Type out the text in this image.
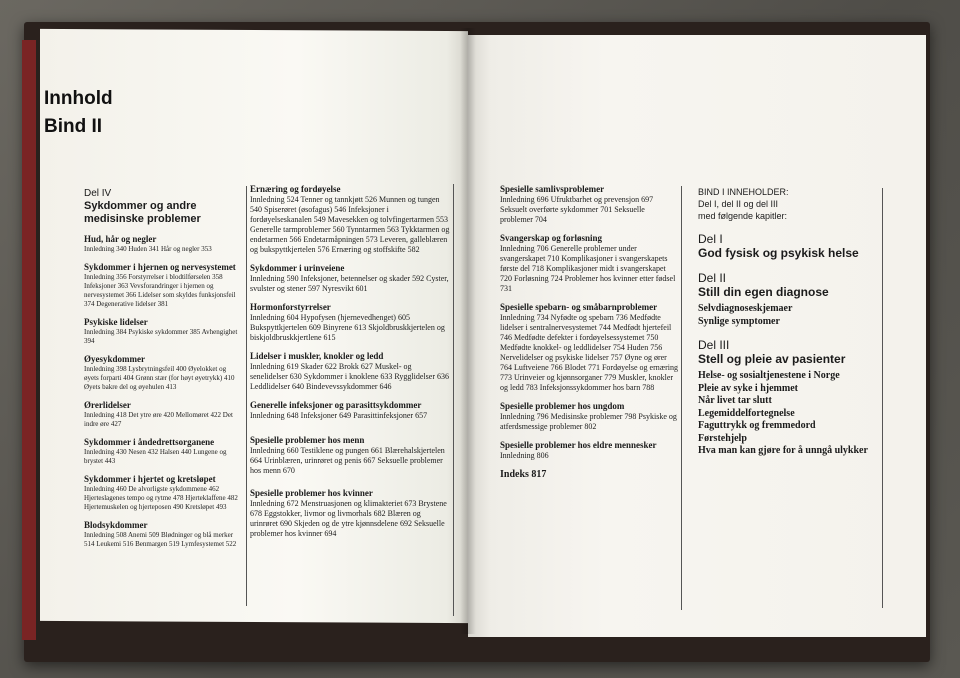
Innhold
Bind II
Del IV
Sykdommer og andre
medisinske problemer
Hud, hår og negler
Innledning 340 Huden 341 Hår og negler 353
Sykdommer i hjernen og nervesystemet
Innledning 356 Forstyrrelser i blodtilførselen 358 Infeksjoner 363 Vevsforandringer i hjernen og nervesystemet 366 Lidelser som skyldes funksjonsfeil 374 Degenerative lidelser 381
Psykiske lidelser
Innledning 384 Psykiske sykdommer 385 Avhengighet 394
Øyesykdommer
Innledning 398 Lysbrytningsfeil 400 Øyelokket og øyets forparti 404 Grønn stær (for høyt øyetrykk) 410 Øyets bakre del og øyehulen 413
Ørerlidelser
Innledning 418 Det ytre øre 420 Mellomøret 422 Det indre øre 427
Sykdommer i åndedrettsorganene
Innledning 430 Nesen 432 Halsen 440 Lungene og brystet 443
Sykdommer i hjertet og kretsløpet
Innledning 460 De alvorligste sykdommene 462 Hjerteslagenes tempo og rytme 478 Hjerteklaffene 482 Hjertemuskelen og hjerteposen 490 Kretsløpet 493
Blodsykdommer
Innledning 508 Anemi 509 Blødninger og blå merker 514 Leukemi 516 Benmargen 519 Lymfesystemet 522
Ernæring og fordøyelse
Innledning 524 Tenner og tannkjøtt 526 Munnen og tungen 540 Spiserøret (øsofagus) 546 Infeksjoner i fordøyelseskanalen 549 Mavesekken og tolvfingertarmen 553 Generelle tarmproblemer 560 Tynntarmen 563 Tykktarmen og endetarmen 566 Endetarmåpningen 573 Leveren, galleblæren og bukspyttkjertelen 576 Ernæring og stoffskifte 582
Sykdommer i urinveiene
Innledning 590 Infeksjoner, betennelser og skader 592 Cyster, svulster og stener 597 Nyresvikt 601
Hormonforstyrrelser
Innledning 604 Hypofysen (hjernevedhenget) 605 Bukspyttkjertelen 609 Binyrene 613 Skjoldbruskkjertelen og biskjoldbruskkjertlene 615
Lidelser i muskler, knokler og ledd
Innledning 619 Skader 622 Brokk 627 Muskel- og senelidelser 630 Sykdommer i knoklene 633 Rygglidelser 636 Leddlidelser 640 Bindevevssykdommer 646
Generelle infeksjoner og parasittsykdommer
Innledning 648 Infeksjoner 649 Parasittinfeksjoner 657
Spesielle problemer hos menn
Innledning 660 Testiklene og pungen 661 Blærehalskjertelen 664 Urinblæren, urinrøret og penis 667 Seksuelle problemer hos menn 670
Spesielle problemer hos kvinner
Innledning 672 Menstruasjonen og klimakteriet 673 Brystene 678 Eggstokker, livmor og livmorhals 682 Blæren og urinrøret 690 Skjeden og de ytre kjønnsdelene 692 Seksuelle problemer hos kvinner 694
Spesielle samlivsproblemer
Innledning 696 Ufruktbarhet og prevensjon 697 Seksuelt overførte sykdommer 701 Seksuelle problemer 704
Svangerskap og forløsning
Innledning 706 Generelle problemer under svangerskapet 710 Komplikasjoner i svangerskapets første del 718 Komplikasjoner midt i svangerskapet 720 Forløsning 724 Problemer hos kvinner etter fødsel 731
Spesielle spebarn- og småbarnproblemer
Innledning 734 Nyfødte og spebarn 736 Medfødte lidelser i sentralnervesystemet 744 Medfødt hjertefeil 746 Medfødte defekter i fordøyelsessystemet 750 Medfødte knokkel- og leddlidelser 754 Huden 756 Nervelidelser og psykiske lidelser 757 Øyne og ører 764 Luftveiene 766 Blodet 771 Fordøyelse og ernæring 773 Urinveier og kjønnsorganer 779 Muskler, knokler og ledd 783 Infeksjonssykdommer hos barn 788
Spesielle problemer hos ungdom
Innledning 796 Medisinske problemer 798 Psykiske og atferdsmessige problemer 802
Spesielle problemer hos eldre mennesker
Innledning 806
Indeks 817
BIND I INNEHOLDER:
Del I, del II og del III
med følgende kapitler:
Del I
God fysisk og psykisk helse
Del II
Still din egen diagnose
Selvdiagnoseskjemaer
Synlige symptomer
Del III
Stell og pleie av pasienter
Helse- og sosialtjenestene i Norge
Pleie av syke i hjemmet
Når livet tar slutt
Legemiddelfortegnelse
Faguttrykk og fremmedord
Førstehjelp
Hva man kan gjøre for å unngå ulykker
